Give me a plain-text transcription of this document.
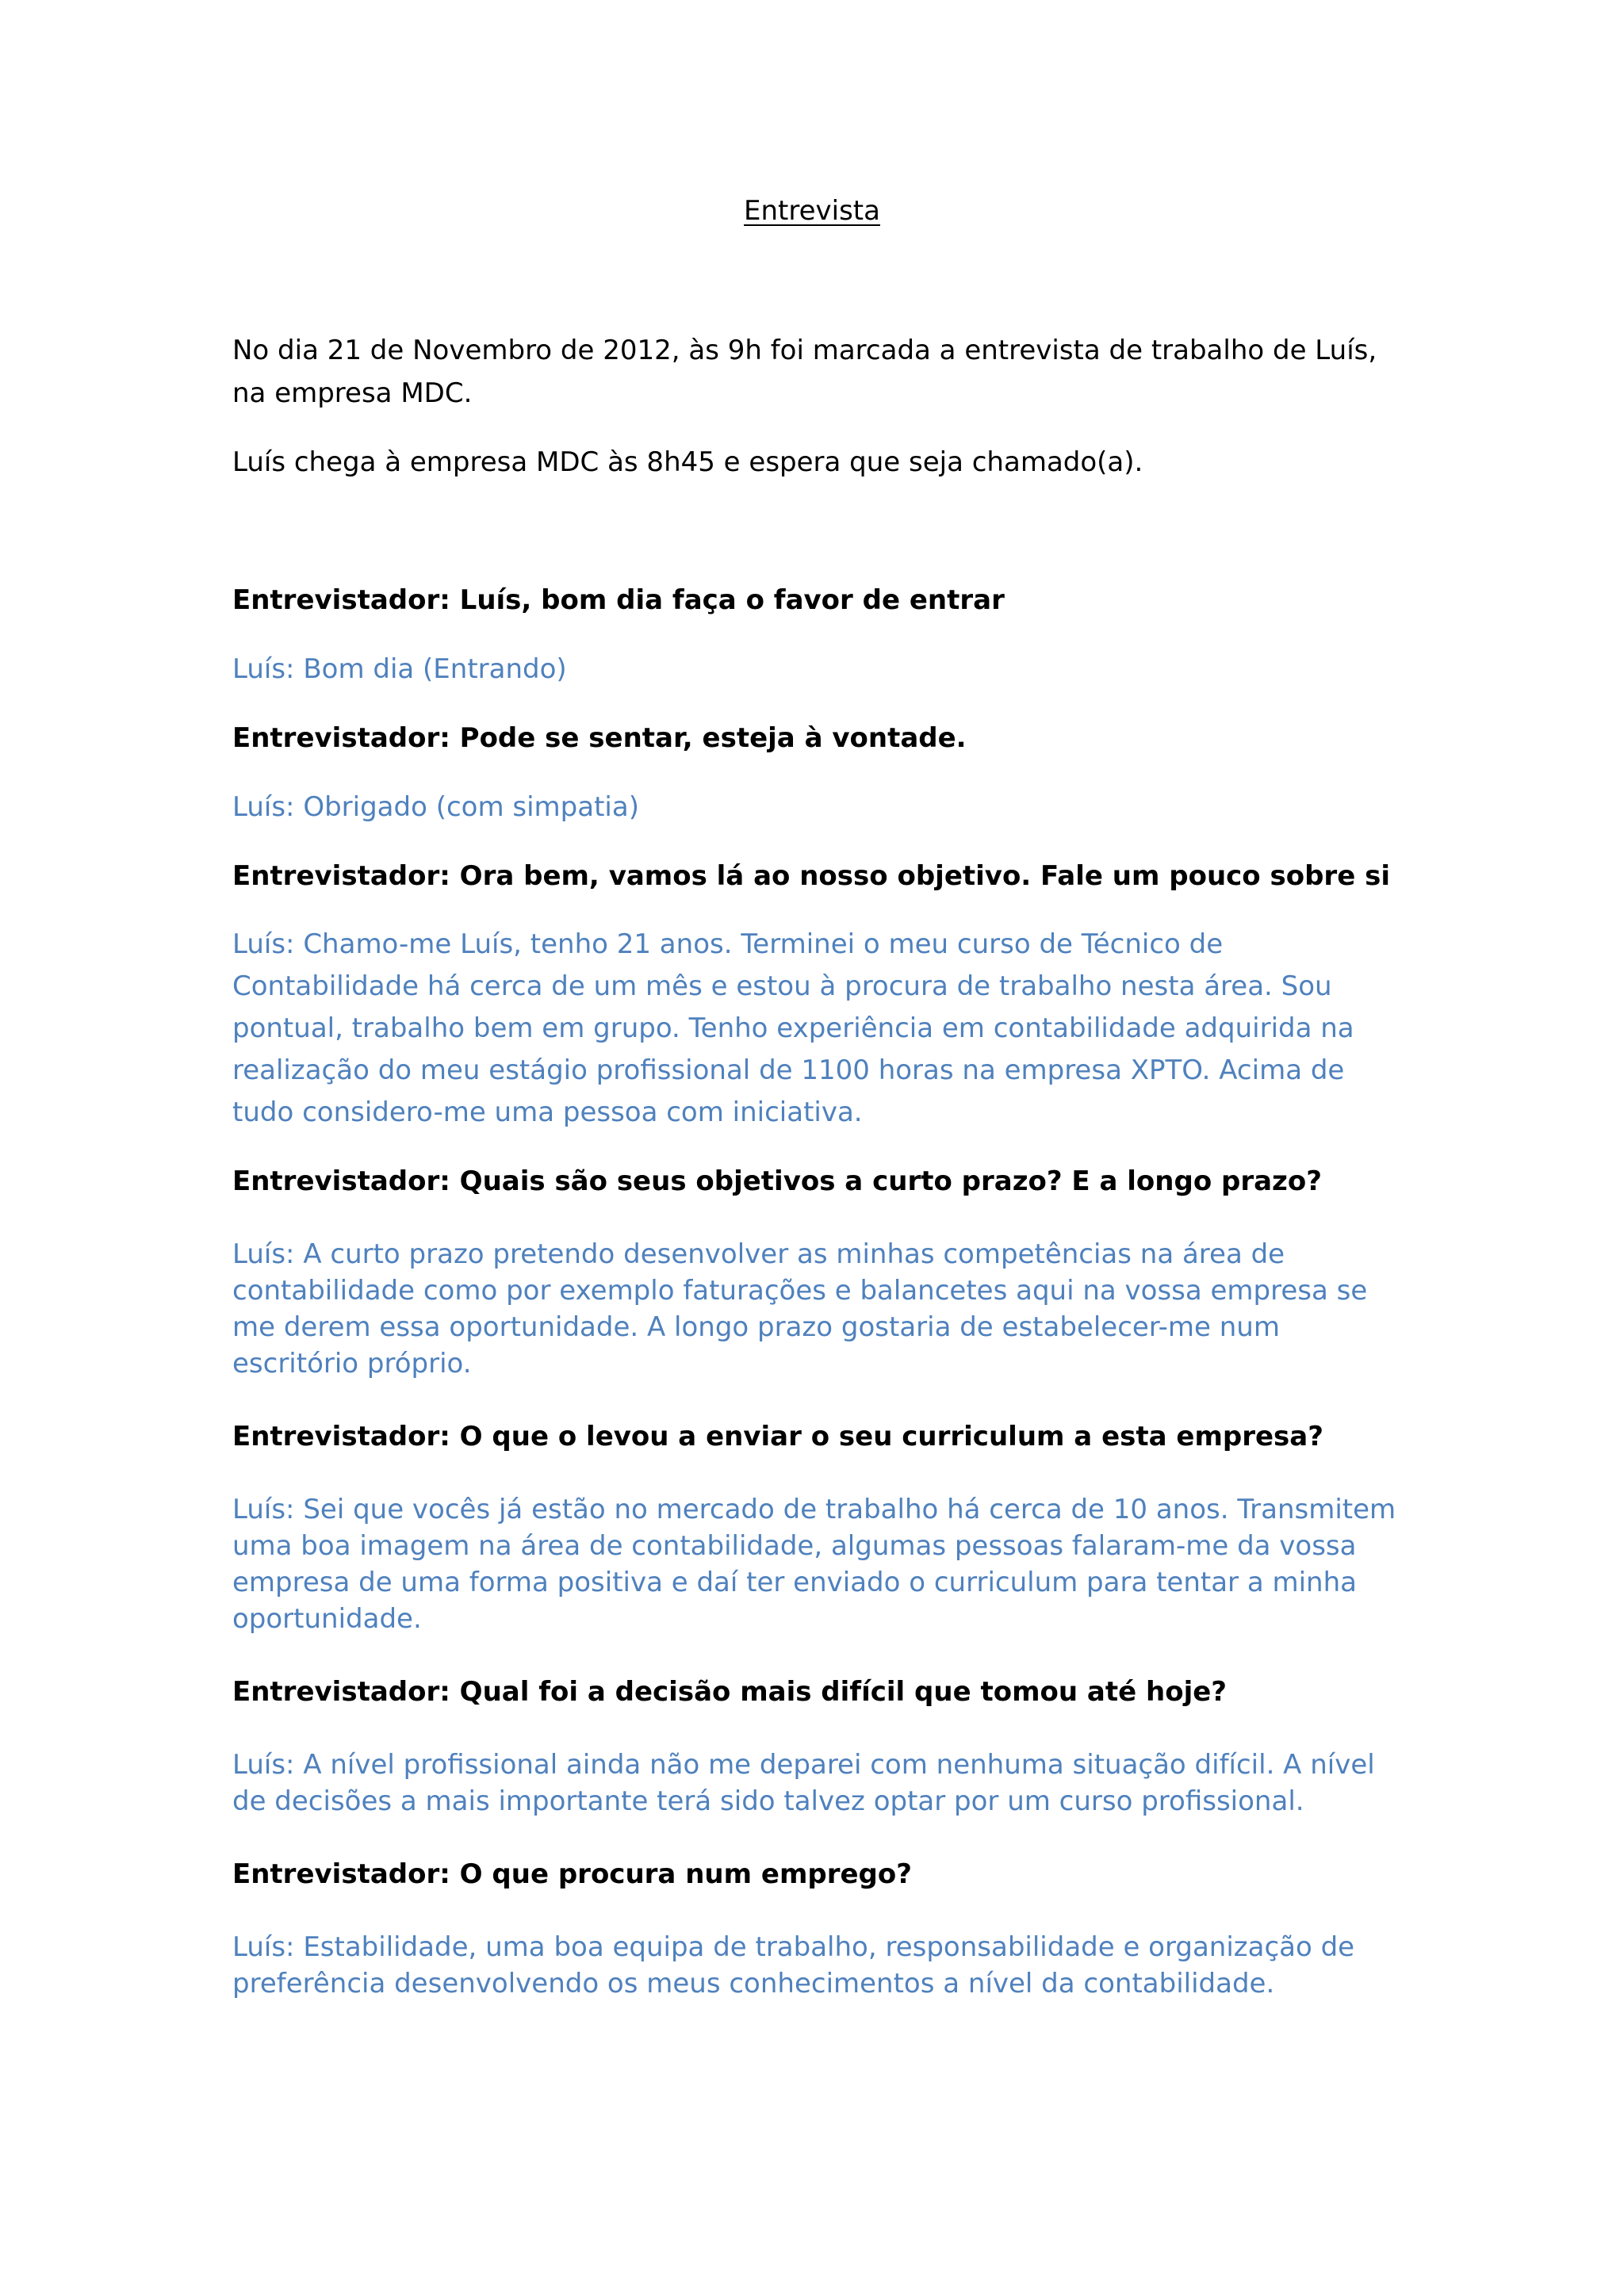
Entrevista

No dia 21 de Novembro de 2012, às 9h foi marcada a entrevista de trabalho de Luís, na empresa MDC.

Luís chega à empresa MDC às 8h45 e espera que seja chamado(a).

Entrevistador: Luís, bom dia faça o favor de entrar

Luís: Bom dia (Entrando)

Entrevistador: Pode se sentar, esteja à vontade.

Luís: Obrigado (com simpatia)

Entrevistador: Ora bem, vamos lá ao nosso objetivo. Fale um pouco sobre si

Luís: Chamo-me Luís, tenho 21 anos. Terminei o meu curso de Técnico de Contabilidade há cerca de um mês e estou à procura de trabalho nesta área. Sou pontual, trabalho bem em grupo. Tenho experiência em contabilidade adquirida na realização do meu estágio profissional de 1100 horas na empresa XPTO. Acima de tudo considero-me uma pessoa com iniciativa.

Entrevistador: Quais são seus objetivos a curto prazo? E a longo prazo?

Luís: A curto prazo pretendo desenvolver as minhas competências na área de contabilidade como por exemplo faturações e balancetes aqui na vossa empresa se me derem essa oportunidade. A longo prazo gostaria de estabelecer-me num escritório próprio.

Entrevistador: O que o levou a enviar o seu curriculum a esta empresa?

Luís: Sei que vocês já estão no mercado de trabalho há cerca de 10 anos. Transmitem uma boa imagem na área de contabilidade, algumas pessoas falaram-me da vossa empresa de uma forma positiva e daí ter enviado o curriculum para tentar a minha oportunidade.

Entrevistador: Qual foi a decisão mais difícil que tomou até hoje?

Luís: A nível profissional ainda não me deparei com nenhuma situação difícil. A nível de decisões a mais importante terá sido talvez optar por um curso profissional.

Entrevistador: O que procura num emprego?

Luís: Estabilidade, uma boa equipa de trabalho, responsabilidade e organização de preferência desenvolvendo os meus conhecimentos a nível da contabilidade.
